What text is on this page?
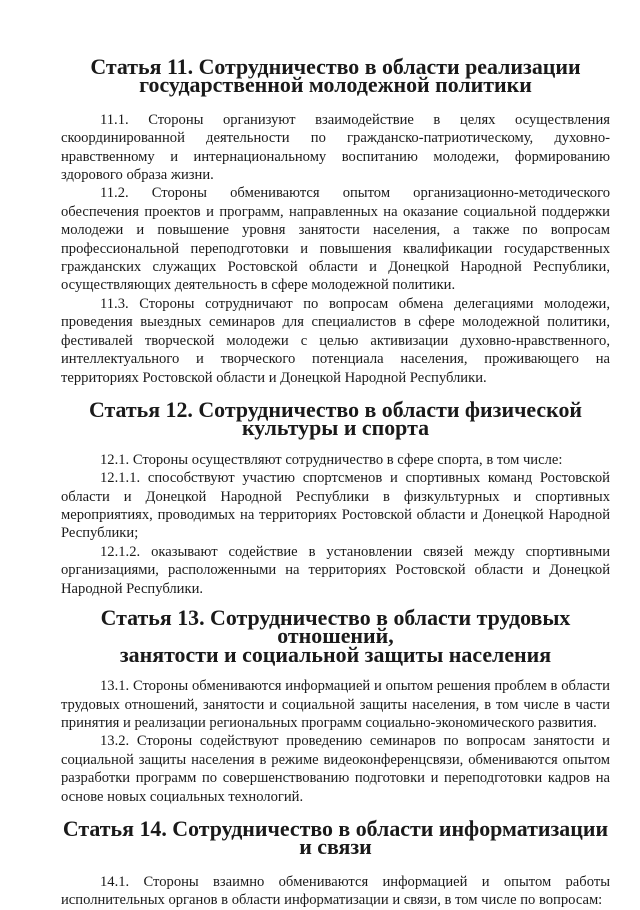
Статья 11. Сотрудничество в области реализации
государственной молодежной политики

11.1. Стороны организуют взаимодействие в целях осуществления скоординированной деятельности по гражданско-патриотическому, духовно-нравственному и интернациональному воспитанию молодежи, формированию здорового образа жизни.

11.2. Стороны обмениваются опытом организационно-методического обеспечения проектов и программ, направленных на оказание социальной поддержки молодежи и повышение уровня занятости населения, а также по вопросам профессиональной переподготовки и повышения квалификации государственных гражданских служащих Ростовской области и Донецкой Народной Республики, осуществляющих деятельность в сфере молодежной политики.

11.3. Стороны сотрудничают по вопросам обмена делегациями молодежи, проведения выездных семинаров для специалистов в сфере молодежной политики, фестивалей творческой молодежи с целью активизации духовно-нравственного, интеллектуального и творческого потенциала населения, проживающего на территориях Ростовской области и Донецкой Народной Республики.

Статья 12. Сотрудничество в области физической культуры и спорта

12.1. Стороны осуществляют сотрудничество в сфере спорта, в том числе:

12.1.1. способствуют участию спортсменов и спортивных команд Ростовской области и Донецкой Народной Республики в физкультурных и спортивных мероприятиях, проводимых на территориях Ростовской области и Донецкой Народной Республики;

12.1.2. оказывают содействие в установлении связей между спортивными организациями, расположенными на территориях Ростовской области и Донецкой Народной Республики.

Статья 13. Сотрудничество в области трудовых отношений,
занятости и социальной защиты населения

13.1. Стороны обмениваются информацией и опытом решения проблем в области трудовых отношений, занятости и социальной защиты населения, в том числе в части принятия и реализации региональных программ социально-экономического развития.

13.2. Стороны содействуют проведению семинаров по вопросам занятости и социальной защиты населения в режиме видеоконференцсвязи, обмениваются опытом разработки программ по совершенствованию подготовки и переподготовки кадров на основе новых социальных технологий.

Статья 14. Сотрудничество в области информатизации и связи

14.1. Стороны взаимно обмениваются информацией и опытом работы исполнительных органов в области информатизации и связи, в том числе по вопросам:
